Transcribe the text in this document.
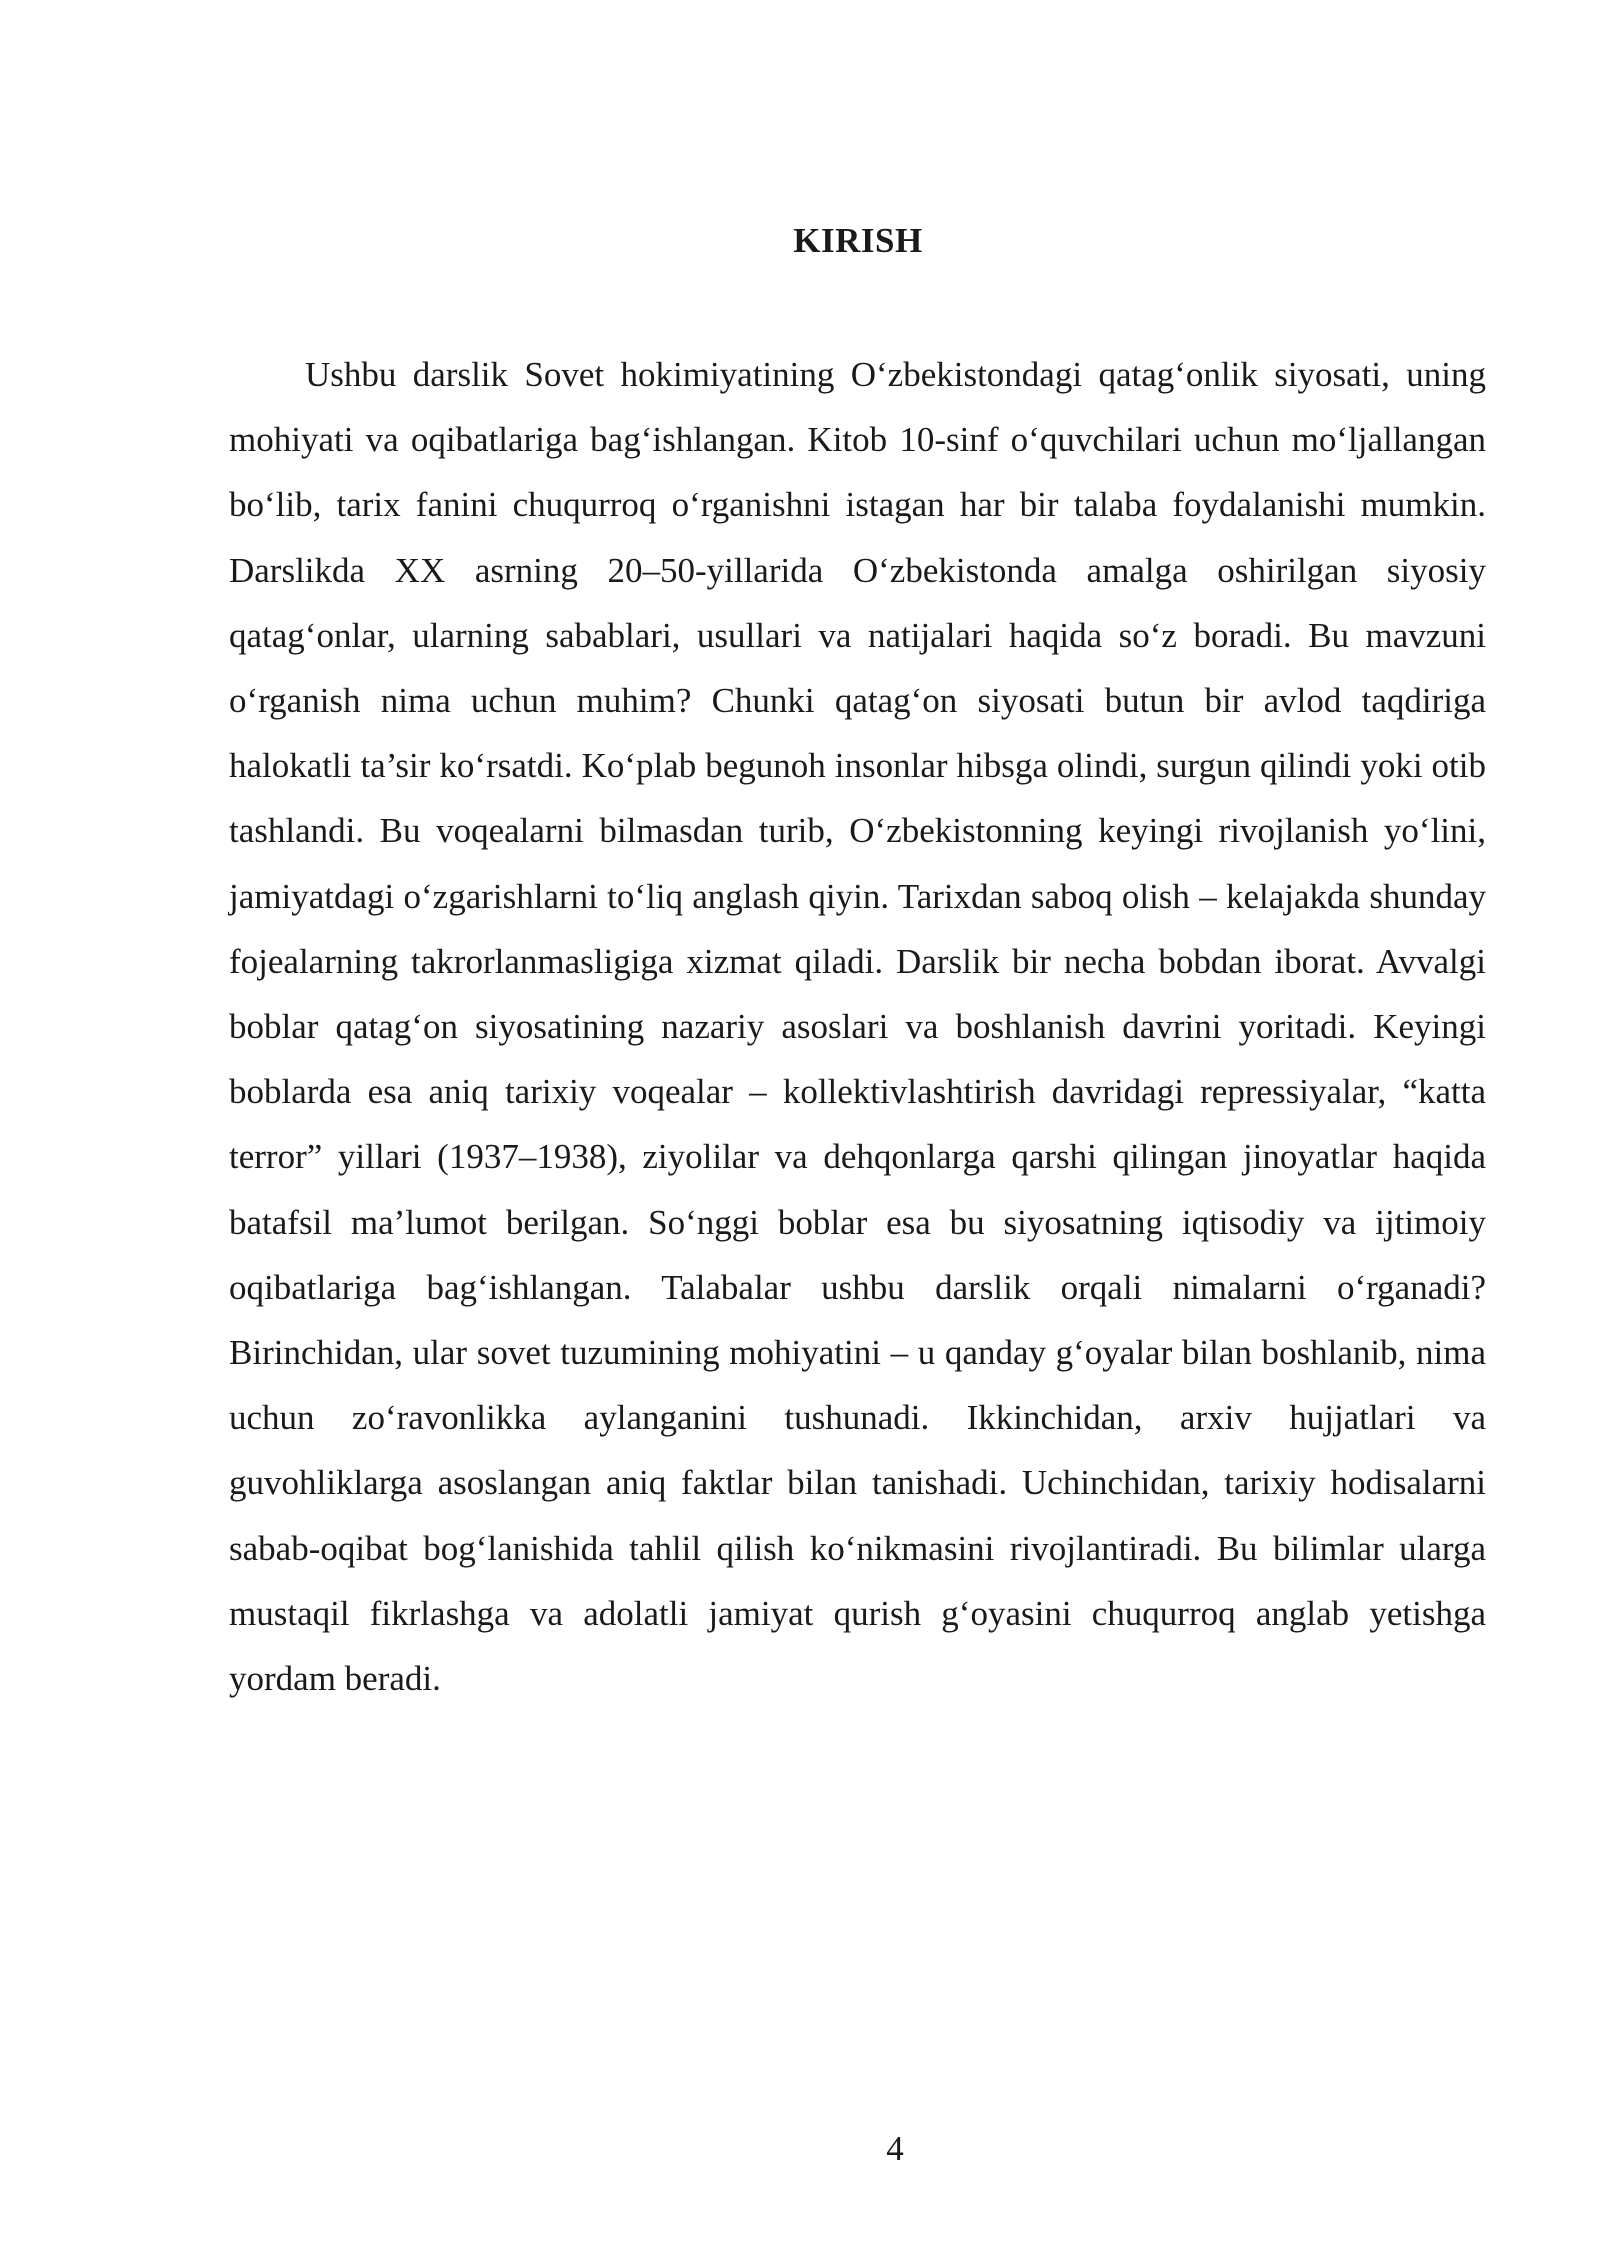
KIRISH

Ushbu darslik Sovet hokimiyatining O‘zbekistondagi qatag‘onlik siyosati, uning mohiyati va oqibatlariga bag‘ishlangan. Kitob 10-sinf o‘quvchilari uchun mo‘ljallangan bo‘lib, tarix fanini chuqurroq o‘rganishni istagan har bir talaba foydalanishi mumkin. Darslikda XX asrning 20–50-yillarida O‘zbekistonda amalga oshirilgan siyosiy qatag‘onlar, ularning sabablari, usullari va natijalari haqida so‘z boradi. Bu mavzuni o‘rganish nima uchun muhim? Chunki qatag‘on siyosati butun bir avlod taqdiriga halokatli ta’sir ko‘rsatdi. Ko‘plab begunoh insonlar hibsga olindi, surgun qilindi yoki otib tashlandi. Bu voqealarni bilmasdan turib, O‘zbekistonning keyingi rivojlanish yo‘lini, jamiyatdagi o‘zgarishlarni to‘liq anglash qiyin. Tarixdan saboq olish – kelajakda shunday fojealarning takrorlanmasligiga xizmat qiladi. Darslik bir necha bobdan iborat. Avvalgi boblar qatag‘on siyosatining nazariy asoslari va boshlanish davrini yoritadi. Keyingi boblarda esa aniq tarixiy voqealar – kollektivlashtirish davridagi repressiyalar, “katta terror” yillari (1937–1938), ziyolilar va dehqonlarga qarshi qilingan jinoyatlar haqida batafsil ma’lumot berilgan. So‘nggi boblar esa bu siyosatning iqtisodiy va ijtimoiy oqibatlariga bag‘ishlangan. Talabalar ushbu darslik orqali nimalarni o‘rganadi? Birinchidan, ular sovet tuzumining mohiyatini – u qanday g‘oyalar bilan boshlanib, nima uchun zo‘ravonlikka aylanganini tushunadi. Ikkinchidan, arxiv hujjatlari va guvohliklarga asoslangan aniq faktlar bilan tanishadi. Uchinchidan, tarixiy hodisalarni sabab-oqibat bog‘lanishida tahlil qilish ko‘nikmasini rivojlantiradi. Bu bilimlar ularga mustaqil fikrlashga va adolatli jamiyat qurish g‘oyasini chuqurroq anglab yetishga yordam beradi.

4
